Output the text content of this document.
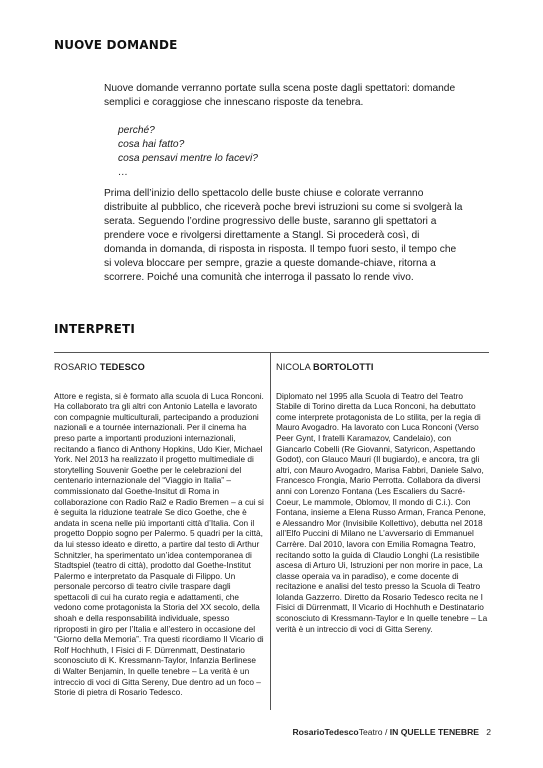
NUOVE DOMANDE

Nuove domande verranno portate sulla scena poste dagli spettatori: domande semplici e coraggiose che innescano risposte da tenebra.

perché?
cosa hai fatto?
cosa pensavi mentre lo facevi?
…

Prima dell’inizio dello spettacolo delle buste chiuse e colorate verranno distribuite al pubblico, che riceverà poche brevi istruzioni su come si svolgerà la serata. Seguendo l’ordine progressivo delle buste, saranno gli spettatori a prendere voce e rivolgersi direttamente a Stangl. Si procederà così, di domanda in domanda, di risposta in risposta. Il tempo fuori sesto, il tempo che si voleva bloccare per sempre, grazie a queste domande-chiave, ritorna a scorrere. Poiché una comunità che interroga il passato lo rende vivo.

INTERPRETI
ROSARIO TEDESCO

Attore e regista, si è formato alla scuola di Luca Ronconi. Ha collaborato tra gli altri con Antonio Latella e lavorato con compagnie multiculturali, partecipando a produzioni nazionali e a tournée internazionali. Per il cinema ha preso parte a importanti produzioni internazionali, recitando a fianco di Anthony Hopkins, Udo Kier, Michael York. Nel 2013 ha realizzato il progetto multimediale di storytelling Souvenir Goethe per le celebrazioni del centenario internazionale del “Viaggio in Italia” – commissionato dal Goethe-Insitut di Roma in collaborazione con Radio Rai2 e Radio Bremen – a cui si è seguita la riduzione teatrale Se dico Goethe, che è andata in scena nelle più importanti città d’Italia. Con il progetto Doppio sogno per Palermo. 5 quadri per la città, da lui stesso ideato e diretto, a partire dal testo di Arthur Schnitzler, ha sperimentato un’idea contemporanea di Stadtspiel (teatro di città), prodotto dal Goethe-Institut Palermo e interpretato da Pasquale di Filippo. Un personale percorso di teatro civile traspare dagli spettacoli di cui ha curato regia e adattamenti, che vedono come protagonista la Storia del XX secolo, della shoah e della responsabilità individuale, spesso riproposti in giro per l’Italia e all’estero in occasione del “Giorno della Memoria”. Tra questi ricordiamo Il Vicario di Rolf Hochhuth, I Fisici di F. Dürrenmatt, Destinatario sconosciuto di K. Kressmann-Taylor, Infanzia Berlinese di Walter Benjamin, In quelle tenebre – La verità è un intreccio di voci di Gitta Sereny, Due dentro ad un foco – Storie di pietra di Rosario Tedesco.

NICOLA BORTOLOTTI

Diplomato nel 1995 alla Scuola di Teatro del Teatro Stabile di Torino diretta da Luca Ronconi, ha debuttato come interprete protagonista de Lo stilita, per la regia di Mauro Avogadro. Ha lavorato con Luca Ronconi (Verso Peer Gynt, I fratelli Karamazov, Candelaio), con Giancarlo Cobelli (Re Giovanni, Satyricon, Aspettando Godot), con Glauco Mauri (Il bugiardo), e ancora, tra gli altri, con Mauro Avogadro, Marisa Fabbri, Daniele Salvo, Francesco Frongia, Mario Perrotta. Collabora da diversi anni con Lorenzo Fontana (Les Escaliers du Sacré-Coeur, Le mammole, Oblomov, Il mondo di C.i.). Con Fontana, insieme a Elena Russo Arman, Franca Penone, e Alessandro Mor (Invisibile Kollettivo), debutta nel 2018 all’Elfo Puccini di Milano ne L’avversario di Emmanuel Carrère. Dal 2010, lavora con Emilia Romagna Teatro, recitando sotto la guida di Claudio Longhi (La resistibile ascesa di Arturo Ui, Istruzioni per non morire in pace, La classe operaia va in paradiso), e come docente di recitazione e analisi del testo presso la Scuola di Teatro Iolanda Gazzerro. Diretto da Rosario Tedesco recita ne I Fisici di Dürrenmatt, Il Vicario di Hochhuth e Destinatario sconosciuto di Kressmann-Taylor e In quelle tenebre – La verità è un intreccio di voci di Gitta Sereny.

RosarioTedescoTeatro / IN QUELLE TENEBRE 2
